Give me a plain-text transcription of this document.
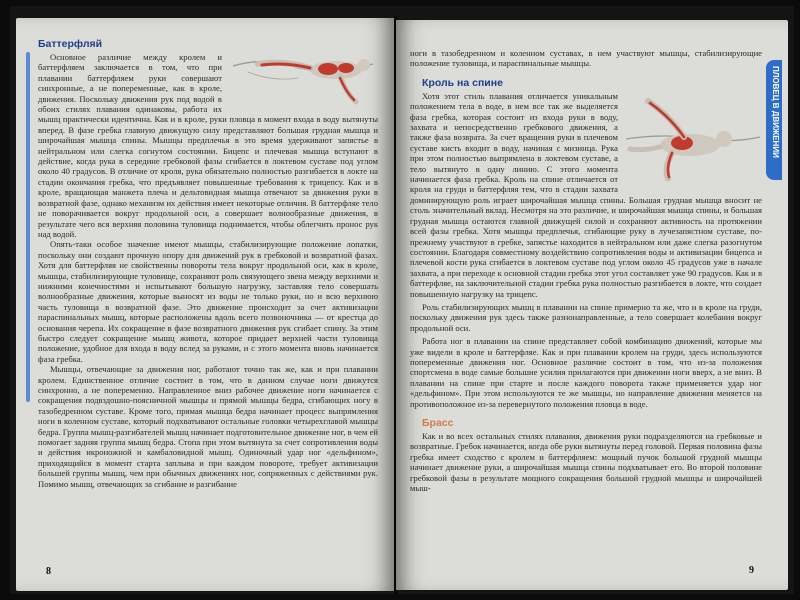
Баттерфляй

Основное различие между кролем и баттерфляем заключается в том, что при плавании баттерфляем руки совершают синхронные, а не попеременные, как в кроле, движения. Поскольку движения рук под водой в обоих стилях плавания одинаковы, работа их мышц практически идентична. Как и в кроле, руки пловца в момент входа в воду вытянуты вперед. В фазе гребка главную движущую силу представляют большая грудная мышца и широчайшая мышца спины. Мышцы предплечья в это время удерживают запястье в нейтральном или слегка согнутом состоянии. Бицепс и плечевая мышца вступают в действие, когда рука в середине гребковой фазы сгибается в локтевом суставе под углом около 40 градусов. В отличие от кроля, рука обязательно полностью разгибается в локте на стадии окончания гребка, что предъявляет повышенные требования к трицепсу. Как и в кроле, вращающая манжета плеча и дельтовидная мышца отвечают за движения руки в возвратной фазе, однако механизм их действия имеет некоторые отличия. В баттерфляе тело не поворачивается вокруг продольной оси, а совершает волнообразные движения, в результате чего вся верхняя половина туловища поднимается, чтобы облегчить пронос рук над водой.

Опять-таки особое значение имеют мышцы, стабилизирующие положение лопатки, поскольку они создают прочную опору для движений рук в гребковой и возвратной фазах. Хотя для баттерфляя не свойственны повороты тела вокруг продольной оси, как в кроле, мышцы, стабилизирующие туловище, сохраняют роль связующего звена между верхними и нижними конечностями и испытывают большую нагрузку, заставляя тело совершать волнообразные движения, которые выносят из воды не только руки, но и всю верхнюю часть туловища в возвратной фазе. Это движение происходит за счет активизации параспинальных мышц, которые расположены вдоль всего позвоночника — от крестца до основания черепа. Их сокращение в фазе возвратного движения рук сгибает спину. За этим быстро следует сокращение мышц живота, которое придает верхней части туловища положение, удобное для входа в воду вслед за руками, и с этого момента вновь начинается фаза гребка.

Мышцы, отвечающие за движения ног, работают точно так же, как и при плавании кролем. Единственное отличие состоит в том, что в данном случае ноги движутся синхронно, а не попеременно. Направленное вниз рабочее движение ноги начинается с сокращения подвздошно-поясничной мышцы и прямой мышцы бедра, сгибающих ногу в тазобедренном суставе. Кроме того, прямая мышца бедра начинает процесс выпрямления ноги в коленном суставе, который подхватывают остальные головки четырехглавой мышцы бедра. Группа мышц-разгибателей мышц начинает подготовительное движение ног, в чем ей помогает задняя группа мышц бедра. Стопа при этом вытянута за счет сопротивления воды и действия икроножной и камбаловидной мышц. Одиночный удар ног «дельфином», приходящийся в момент старта заплыва и при каждом повороте, требует активизации большей группы мышц, чем при обычных движениях ног, сопряженных с действиями рук. Помимо мышц, отвечающих за сгибание и разгибание

8
ПЛОВЕЦ В ДВИЖЕНИИ

ноги в тазобедренном и коленном суставах, в нем участвуют мышцы, стабилизирующие положение туловища, и параспинальные мышцы.

Кроль на спине

Хотя этот стиль плавания отличается уникальным положением тела в воде, в нем все так же выделяется фаза гребка, которая состоит из входа руки в воду, захвата и непосредственно гребкового движения, а также фаза возврата. За счет вращения руки в плечевом суставе кисть входит в воду, начиная с мизинца. Рука при этом полностью выпрямлена в локтевом суставе, а тело вытянуто в одну линию. С этого момента начинается фаза гребка. Кроль на спине отличается от кроля на груди и баттерфляя тем, что в стадии захвата доминирующую роль играет широчайшая мышца спины. Большая грудная мышца вносит не столь значительный вклад. Несмотря на это различие, и широчайшая мышца спины, и большая грудная мышца остаются главной движущей силой и сохраняют активность на протяжении всей фазы гребка. Хотя мышцы предплечья, сгибающие руку в лучезапястном суставе, по-прежнему участвуют в гребке, запястье находится в нейтральном или даже слегка разогнутом состоянии. Благодаря совместному воздействию сопротивления воды и активизации бицепса и плечевой кости рука сгибается в локтевом суставе под углом около 45 градусов уже в начале захвата, а при переходе к основной стадии гребка этот угол составляет уже 90 градусов. Как и в баттерфляе, на заключительной стадии гребка рука полностью разгибается в локте, что создает повышенную нагрузку на трицепс.

Роль стабилизирующих мышц в плавании на спине примерно та же, что и в кроле на груди, поскольку движения рук здесь также разнонаправленные, а тело совершает колебания вокруг продольной оси.

Работа ног в плавании на спине представляет собой комбинацию движений, которые мы уже видели в кроле и баттерфляе. Как и при плавании кролем на груди, здесь используются попеременные движения ног. Основное различие состоит в том, что из-за положения спортсмена в воде самые большие усилия прилагаются при движении ноги вверх, а не вниз. В плавании на спине при старте и после каждого поворота также применяется удар ног «дельфином». При этом используются те же мышцы, но направление движения меняется на противоположное из-за перевернутого положения пловца в воде.

Брасс

Как и во всех остальных стилях плавания, движения руки подразделяются на гребковые и возвратные. Гребок начинается, когда обе руки вытянуты перед головой. Первая половина фазы гребка имеет сходство с кролем и баттерфляем: мощный пучок большой грудной мышцы начинает движение руки, а широчайшая мышца спины подхватывает его. Во второй половине гребковой фазы в результате мощного сокращения большой грудной мышцы и широчайшей мыш-

9
